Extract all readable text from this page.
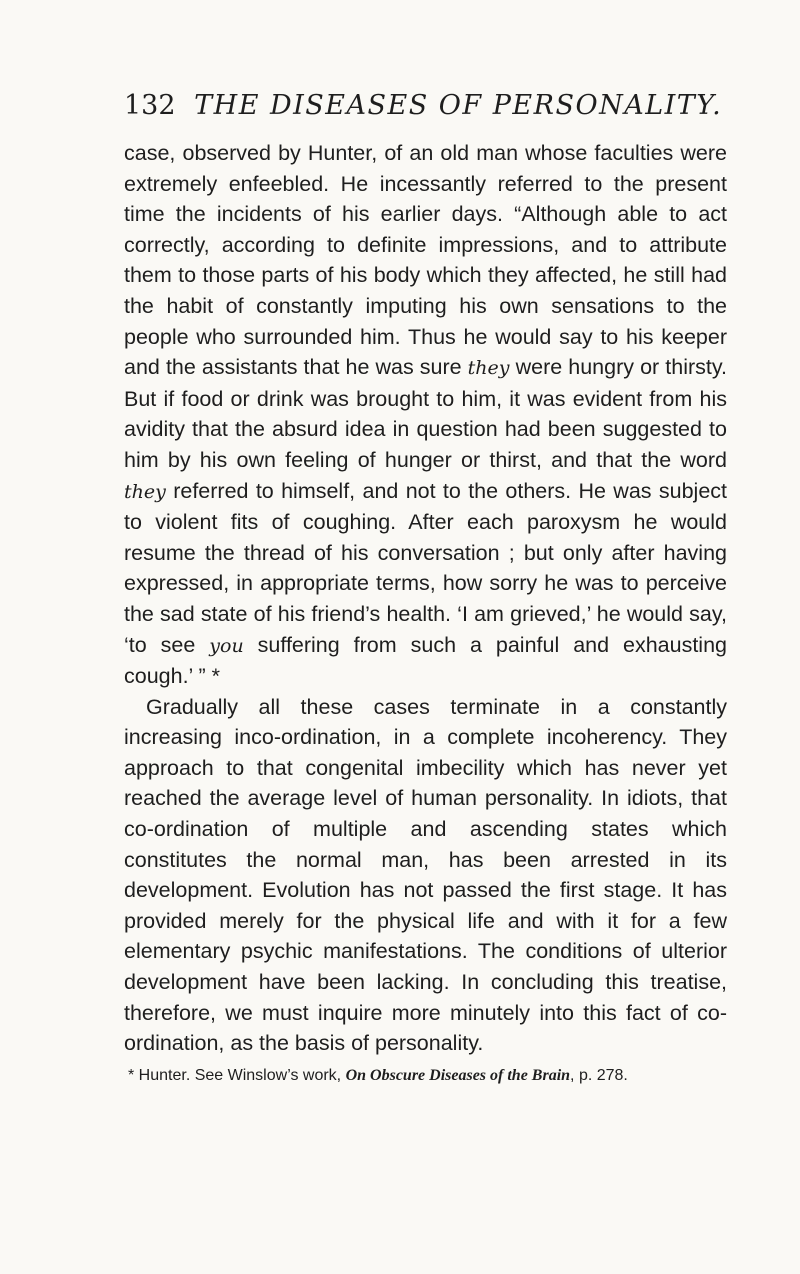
132 THE DISEASES OF PERSONALITY.

case, observed by Hunter, of an old man whose faculties were extremely enfeebled. He incessantly referred to the present time the incidents of his earlier days. “Although able to act correctly, according to definite impressions, and to attribute them to those parts of his body which they affected, he still had the habit of constantly imputing his own sensations to the people who surrounded him. Thus he would say to his keeper and the assistants that he was sure they were hungry or thirsty. But if food or drink was brought to him, it was evident from his avidity that the absurd idea in question had been suggested to him by his own feeling of hunger or thirst, and that the word they referred to himself, and not to the others. He was subject to violent fits of coughing. After each paroxysm he would resume the thread of his conversation ; but only after having expressed, in appropriate terms, how sorry he was to perceive the sad state of his friend’s health. ‘I am grieved,’ he would say, ‘to see you suffering from such a painful and exhausting cough.’ ” *

Gradually all these cases terminate in a constantly increasing inco-ordination, in a complete incoherency. They approach to that congenital imbecility which has never yet reached the average level of human personality. In idiots, that co-ordination of multiple and ascending states which constitutes the normal man, has been arrested in its development. Evolution has not passed the first stage. It has provided merely for the physical life and with it for a few elementary psychic manifestations. The conditions of ulterior development have been lacking. In concluding this treatise, therefore, we must inquire more minutely into this fact of co-ordination, as the basis of personality.

* Hunter. See Winslow’s work, On Obscure Diseases of the Brain, p. 278.
